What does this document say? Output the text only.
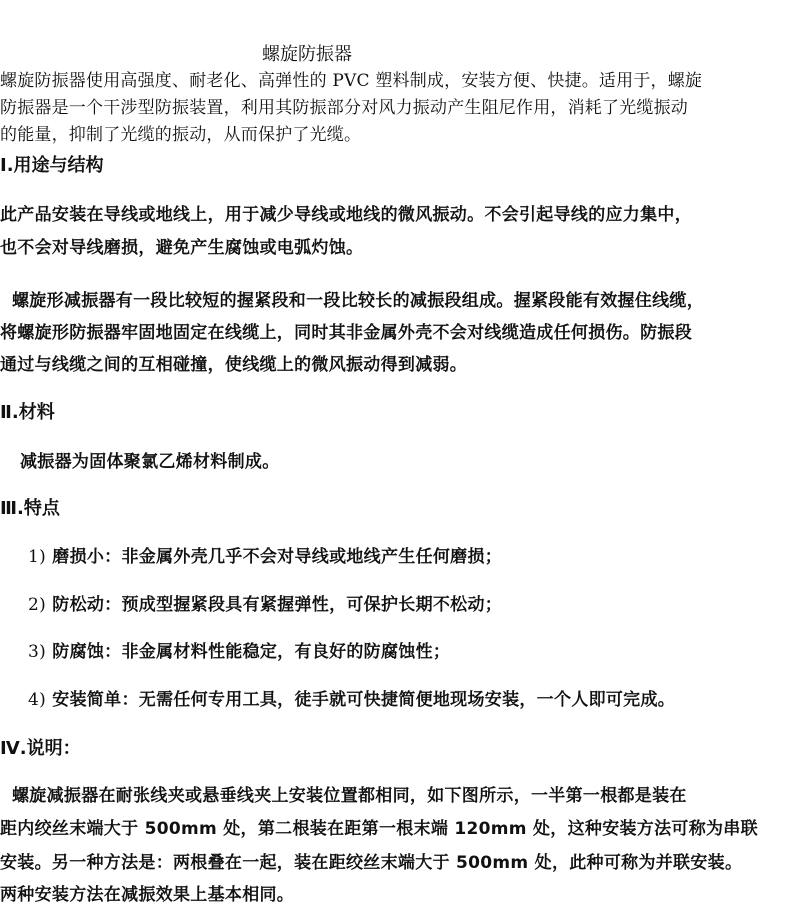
螺旋防振器
螺旋防振器使用高强度、耐老化、高弹性的 PVC 塑料制成，安装方便、快捷。适用于，螺旋
防振器是一个干涉型防振装置，利用其防振部分对风力振动产生阻尼作用，消耗了光缆振动
的能量，抑制了光缆的振动，从而保护了光缆。
Ⅰ.用途与结构
此产品安装在导线或地线上，用于减少导线或地线的微风振动。不会引起导线的应力集中，
也不会对导线磨损，避免产生腐蚀或电弧灼蚀。
螺旋形减振器有一段比较短的握紧段和一段比较长的减振段组成。握紧段能有效握住线缆，
将螺旋形防振器牢固地固定在线缆上，同时其非金属外壳不会对线缆造成任何损伤。防振段
通过与线缆之间的互相碰撞，使线缆上的微风振动得到减弱。
Ⅱ.材料
减振器为固体聚氯乙烯材料制成。
Ⅲ.特点
1) 磨损小：非金属外壳几乎不会对导线或地线产生任何磨损；
2) 防松动：预成型握紧段具有紧握弹性，可保护长期不松动；
3) 防腐蚀：非金属材料性能稳定，有良好的防腐蚀性；
4) 安装简单：无需任何专用工具，徒手就可快捷简便地现场安装，一个人即可完成。
Ⅳ.说明：
螺旋减振器在耐张线夹或悬垂线夹上安装位置都相同，如下图所示，一半第一根都是装在
距内绞丝末端大于 500mm 处，第二根装在距第一根末端 120mm 处，这种安装方法可称为串联
安装。另一种方法是：两根叠在一起，装在距绞丝末端大于 500mm 处，此种可称为并联安装。
两种安装方法在减振效果上基本相同。
